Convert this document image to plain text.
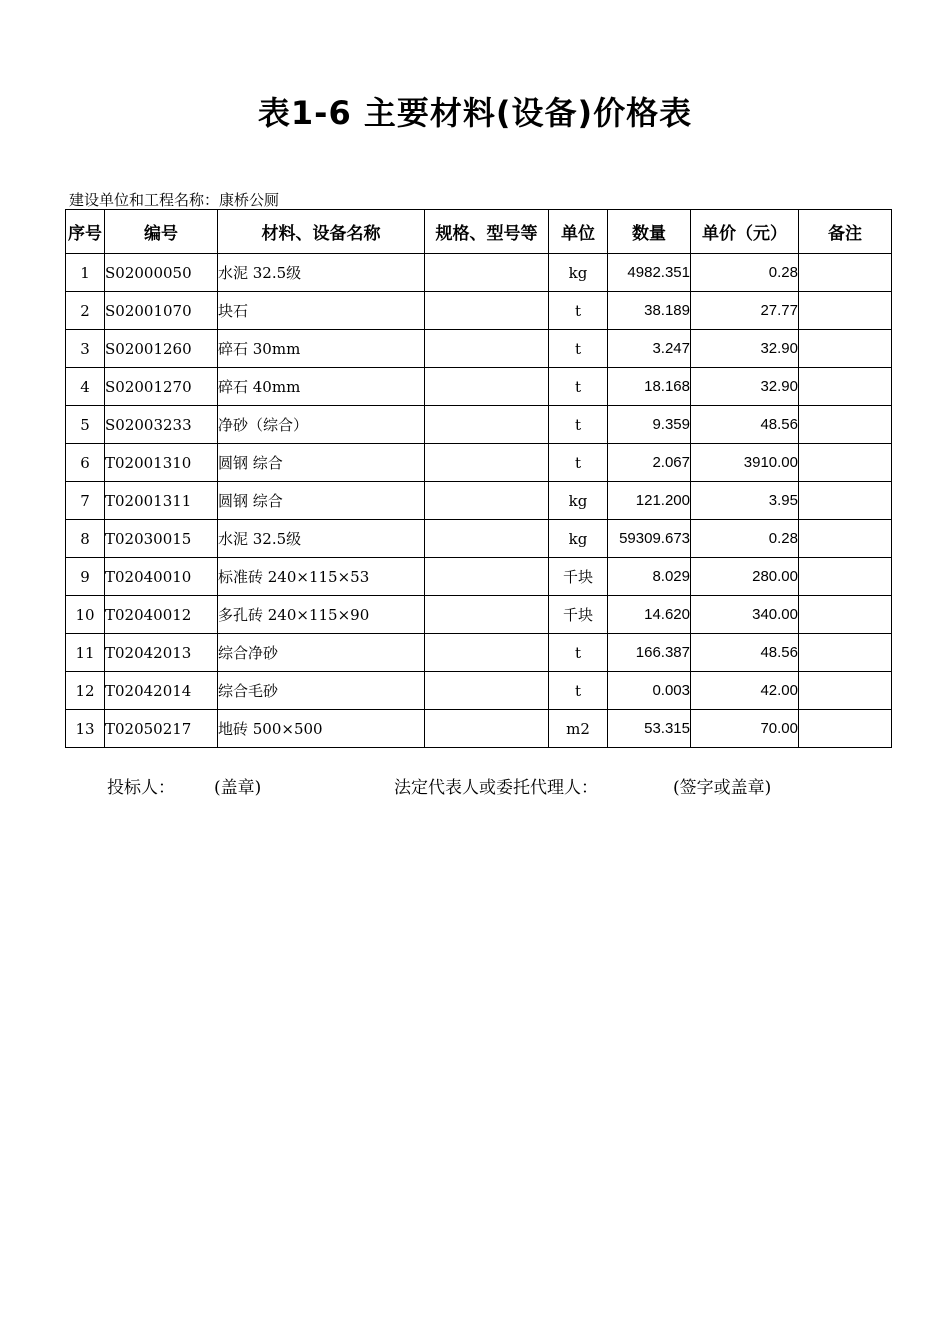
表1-6 主要材料(设备)价格表
建设单位和工程名称：康桥公厕
序号	编号	材料、设备名称	规格、型号等	单位	数量	单价（元）	备注
1	S02000050	水泥 32.5级		kg	4982.351	0.28	
2	S02001070	块石		t	38.189	27.77	
3	S02001260	碎石 30mm		t	3.247	32.90	
4	S02001270	碎石 40mm		t	18.168	32.90	
5	S02003233	净砂（综合）		t	9.359	48.56	
6	T02001310	圆钢 综合		t	2.067	3910.00	
7	T02001311	圆钢 综合		kg	121.200	3.95	
8	T02030015	水泥 32.5级		kg	59309.673	0.28	
9	T02040010	标准砖 240×115×53		千块	8.029	280.00	
10	T02040012	多孔砖 240×115×90		千块	14.620	340.00	
11	T02042013	综合净砂		t	166.387	48.56	
12	T02042014	综合毛砂		t	0.003	42.00	
13	T02050217	地砖 500×500		m2	53.315	70.00	
投标人： (盖章)	法定代表人或委托代理人：	(签字或盖章)
